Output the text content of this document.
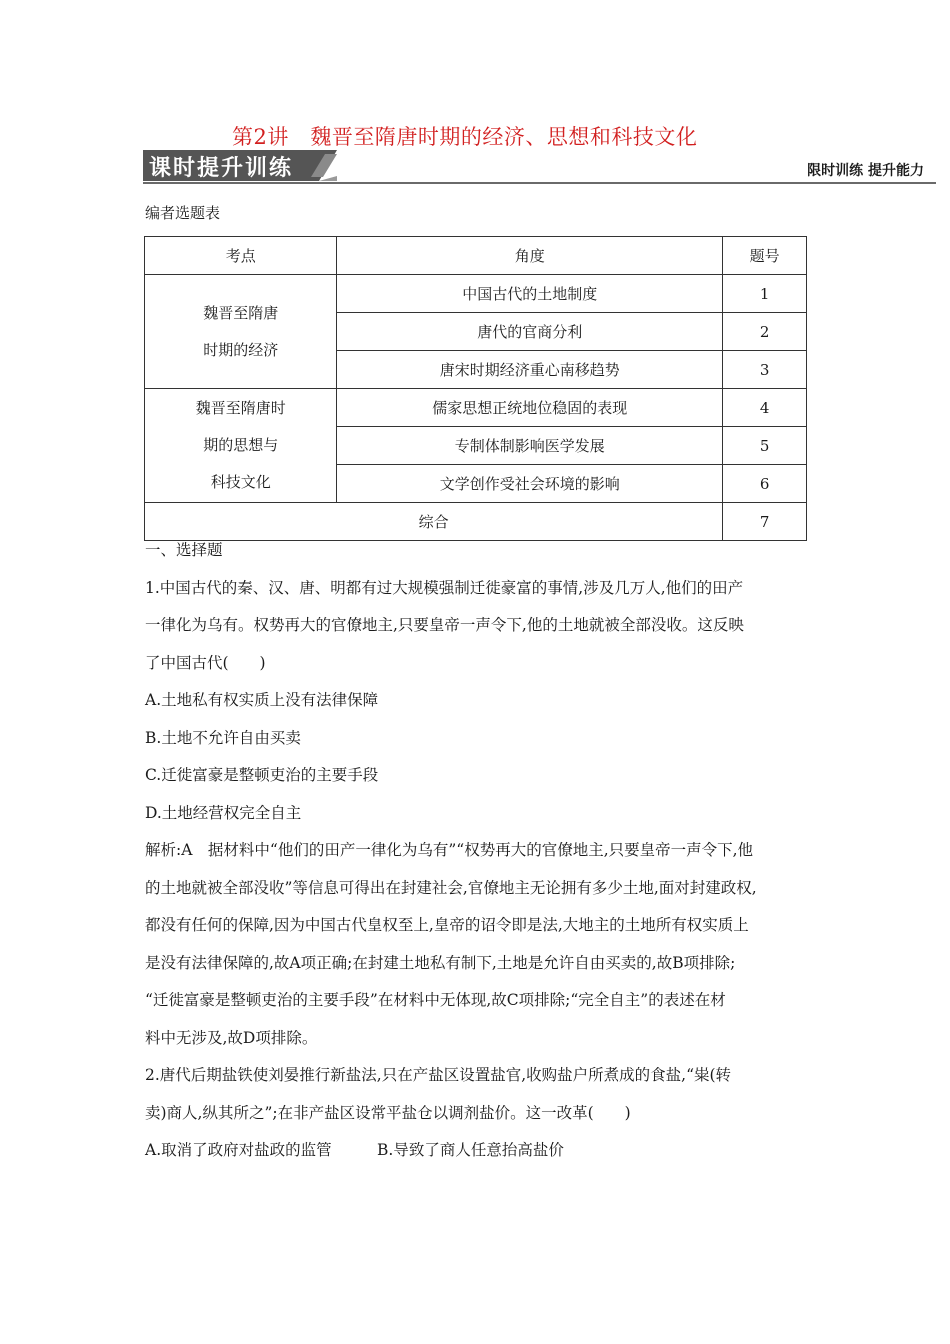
第2讲　魏晋至隋唐时期的经济、思想和科技文化
课时提升训练	限时训练 提升能力
编者选题表
考点	角度	题号

魏晋至隋唐
时期的经济	中国古代的土地制度	1
	唐代的官商分利	2
	唐宋时期经济重心南移趋势	3

魏晋至隋唐时
期的思想与
科技文化	儒家思想正统地位稳固的表现	4
	专制体制影响医学发展	5
	文学创作受社会环境的影响	6
综合		7

一、选择题

1.中国古代的秦、汉、唐、明都有过大规模强制迁徙豪富的事情,涉及几万人,他们的田产

一律化为乌有。权势再大的官僚地主,只要皇帝一声令下,他的土地就被全部没收。这反映

了中国古代(　　)

A.土地私有权实质上没有法律保障

B.土地不允许自由买卖

C.迁徙富豪是整顿吏治的主要手段

D.土地经营权完全自主

解析:A　据材料中“他们的田产一律化为乌有”“权势再大的官僚地主,只要皇帝一声令下,他

的土地就被全部没收”等信息可得出在封建社会,官僚地主无论拥有多少土地,面对封建政权,

都没有任何的保障,因为中国古代皇权至上,皇帝的诏令即是法,大地主的土地所有权实质上

是没有法律保障的,故A项正确;在封建土地私有制下,土地是允许自由买卖的,故B项排除;

“迁徙富豪是整顿吏治的主要手段”在材料中无体现,故C项排除;“完全自主”的表述在材

料中无涉及,故D项排除。

2.唐代后期盐铁使刘晏推行新盐法,只在产盐区设置盐官,收购盐户所煮成的食盐,“粜(转

卖)商人,纵其所之”;在非产盐区设常平盐仓以调剂盐价。这一改革(　　)

A.取消了政府对盐政的监管	B.导致了商人任意抬高盐价
